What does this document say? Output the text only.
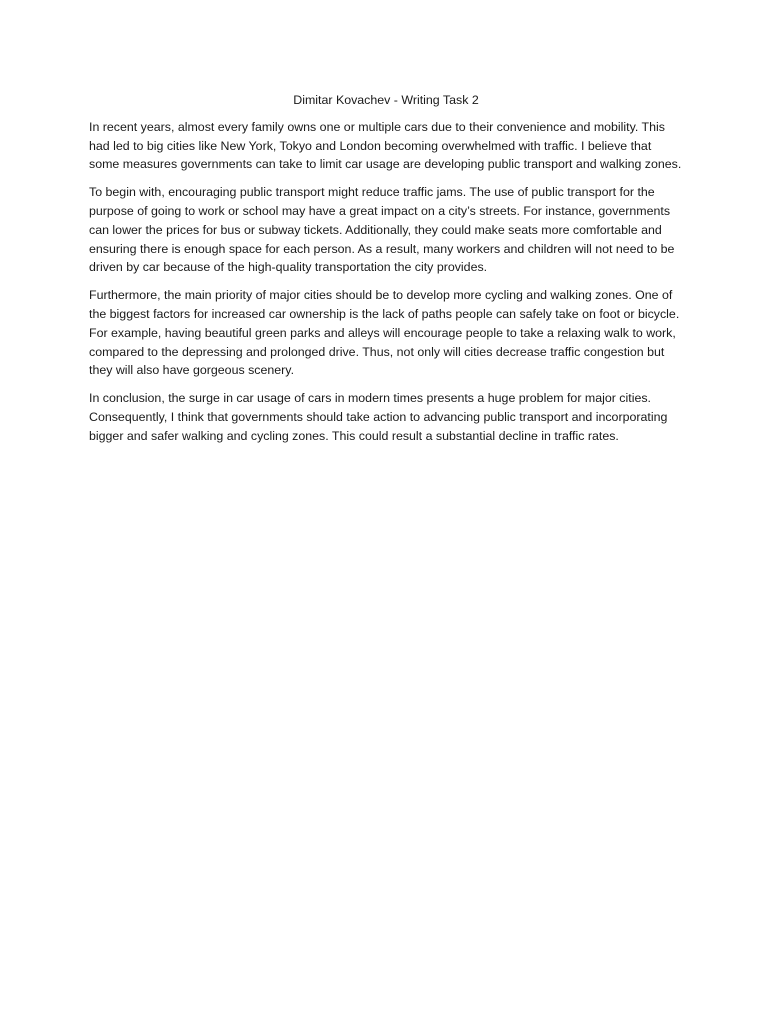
Dimitar Kovachev - Writing Task 2

In recent years, almost every family owns one or multiple cars due to their convenience and mobility. This had led to big cities like New York, Tokyo and London becoming overwhelmed with traffic. I believe that some measures governments can take to limit car usage are developing public transport and walking zones.

To begin with, encouraging public transport might reduce traffic jams. The use of public transport for the purpose of going to work or school may have a great impact on a city’s streets. For instance, governments can lower the prices for bus or subway tickets. Additionally, they could make seats more comfortable and ensuring there is enough space for each person. As a result, many workers and children will not need to be driven by car because of the high-quality transportation the city provides.

Furthermore, the main priority of major cities should be to develop more cycling and walking zones. One of the biggest factors for increased car ownership is the lack of paths people can safely take on foot or bicycle. For example, having beautiful green parks and alleys will encourage people to take a relaxing walk to work, compared to the depressing and prolonged drive. Thus, not only will cities decrease traffic congestion but they will also have gorgeous scenery.

In conclusion, the surge in car usage of cars in modern times presents a huge problem for major cities. Consequently, I think that governments should take action to advancing public transport and incorporating bigger and safer walking and cycling zones. This could result a substantial decline in traffic rates.
